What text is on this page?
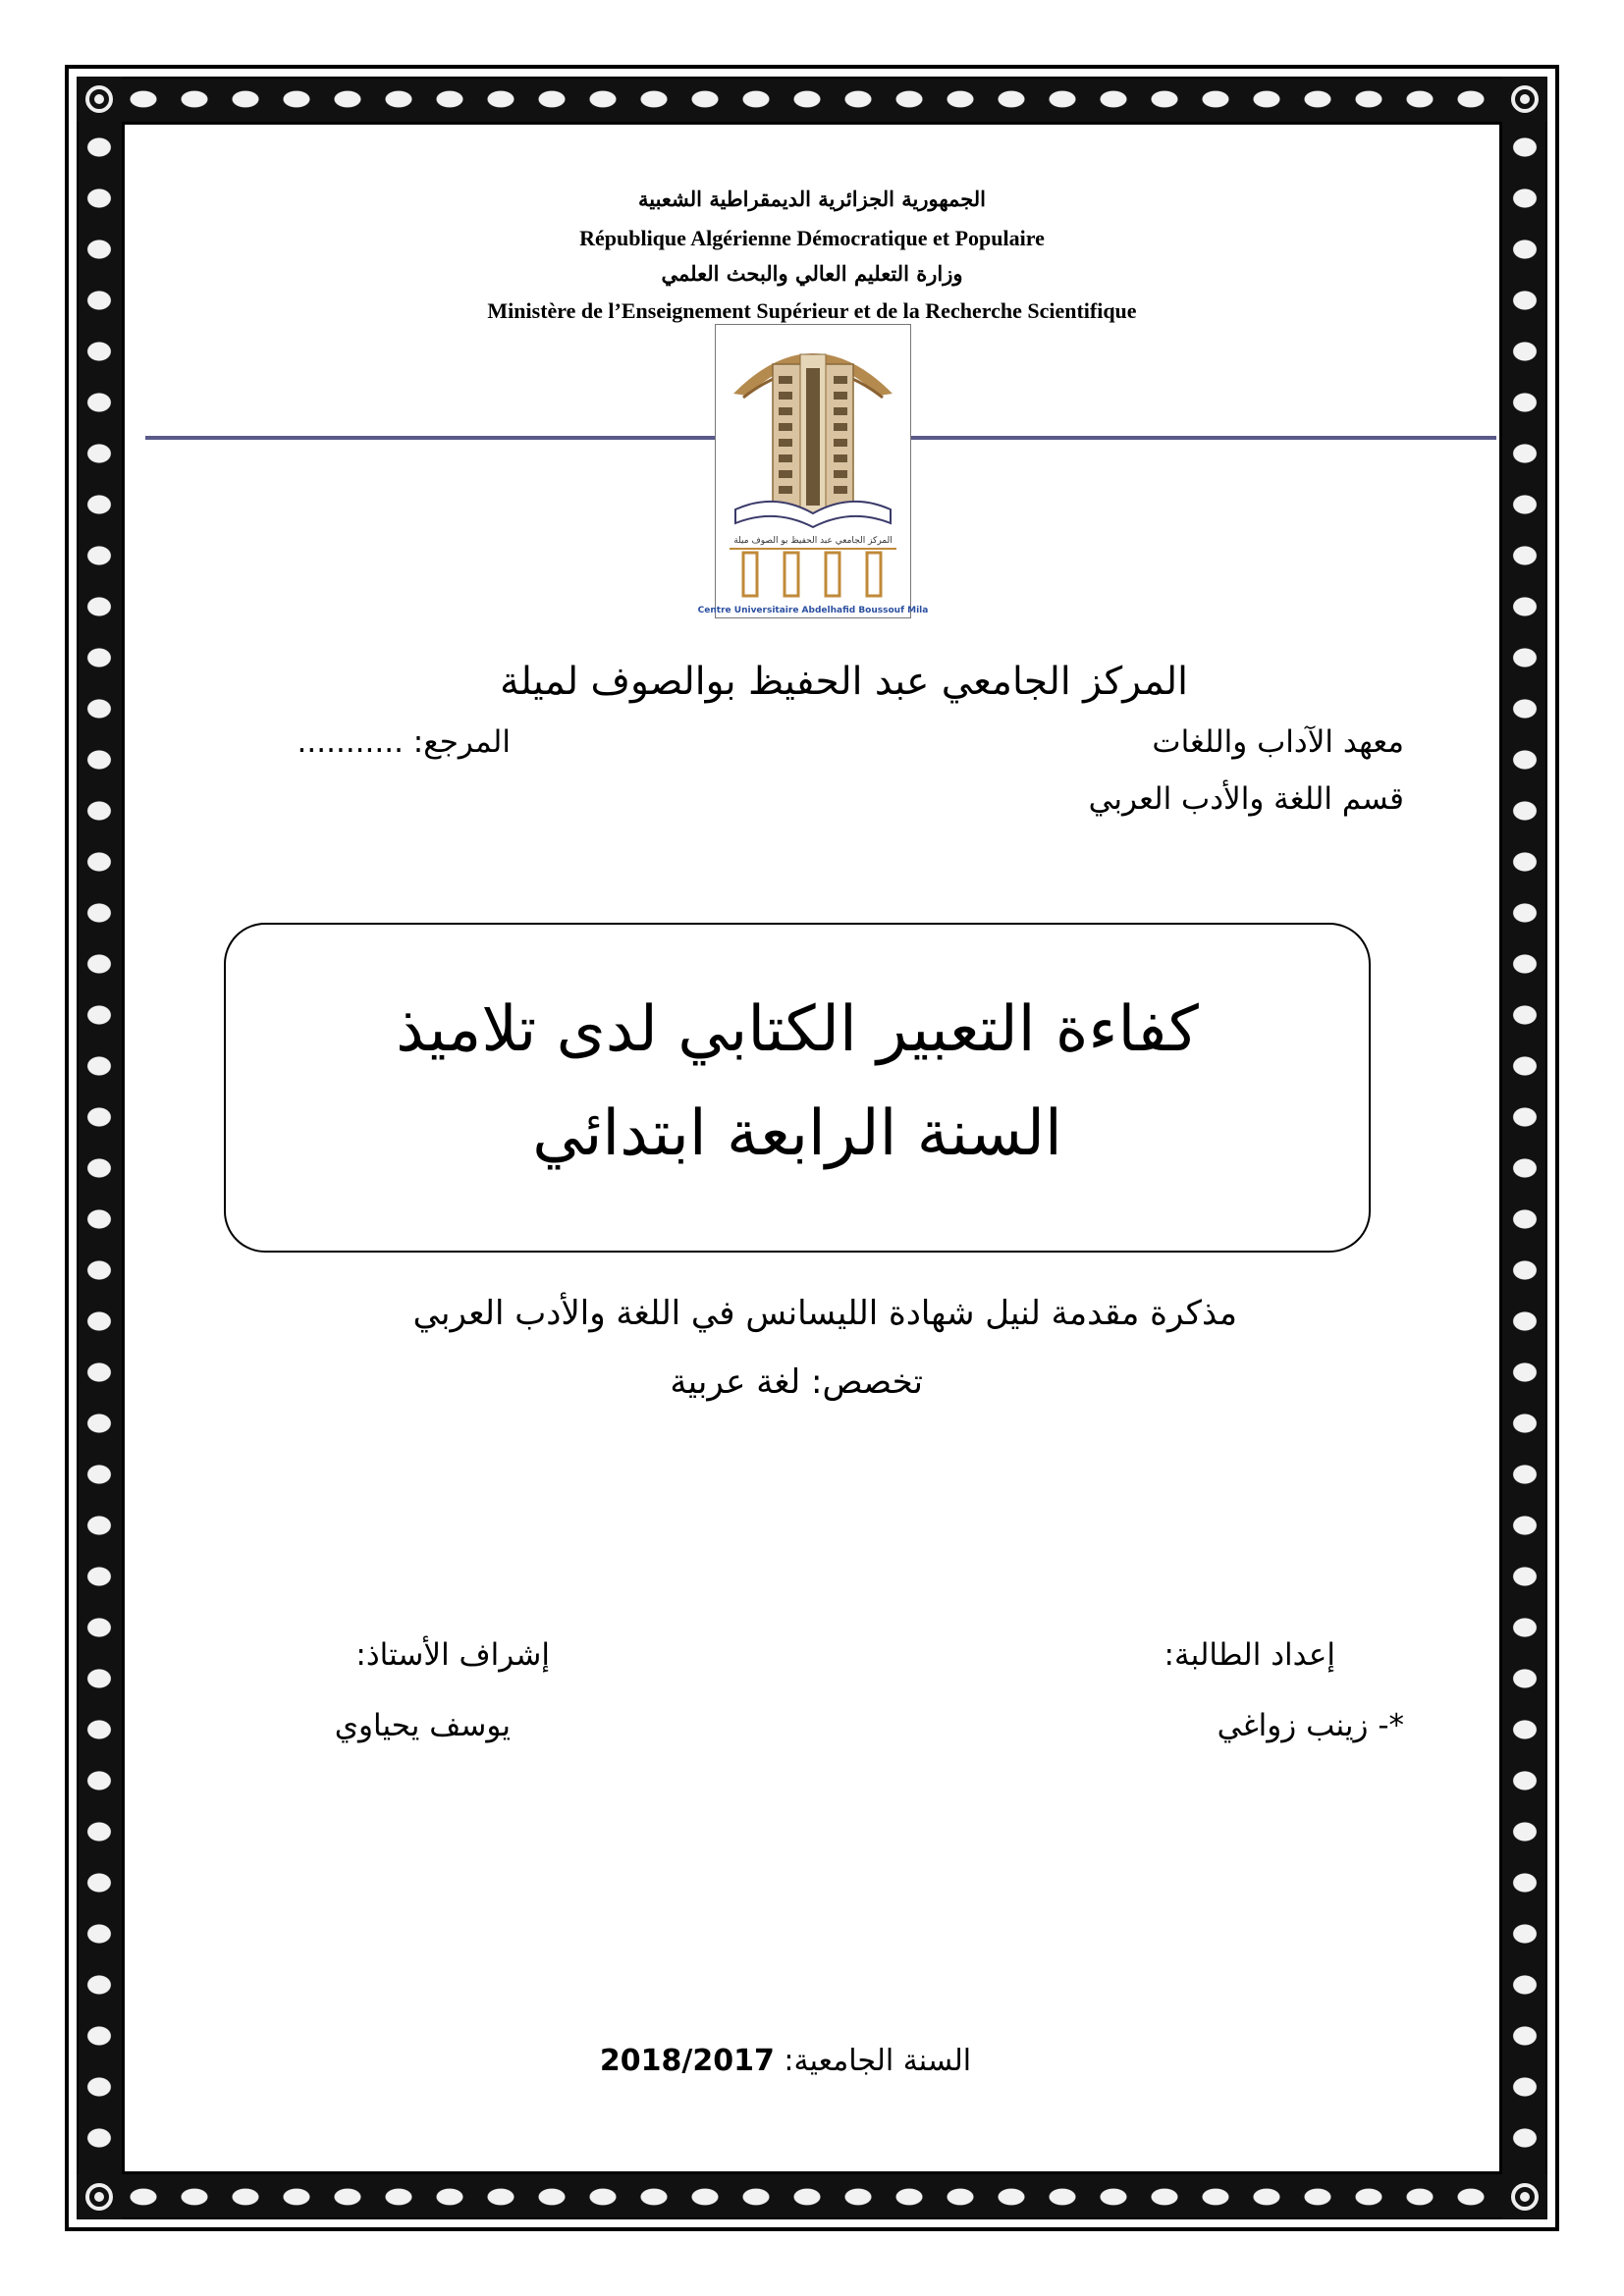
الجمهورية الجزائرية الديمقراطية الشعبية
République Algérienne Démocratique et Populaire
وزارة التعليم العالي والبحث العلمي
Ministère de l’Enseignement Supérieur et de la Recherche Scientifique
المركز الجامعي عبد الحفيظ بو الصوف ميلة
Centre Universitaire Abdelhafid Boussouf Mila
المركز الجامعي عبد الحفيظ بوالصوف لميلة
معهد الآداب واللغات
المرجع: ...........
قسم اللغة والأدب العربي
كفاءة التعبير الكتابي لدى تلاميذ
السنة الرابعة ابتدائي
مذكرة مقدمة لنيل شهادة الليسانس في اللغة والأدب العربي
تخصص: لغة عربية
إعداد الطالبة:
إشراف الأستاذ:
*- زينب زواغي
يوسف يحياوي
السنة الجامعية: 2018/2017
